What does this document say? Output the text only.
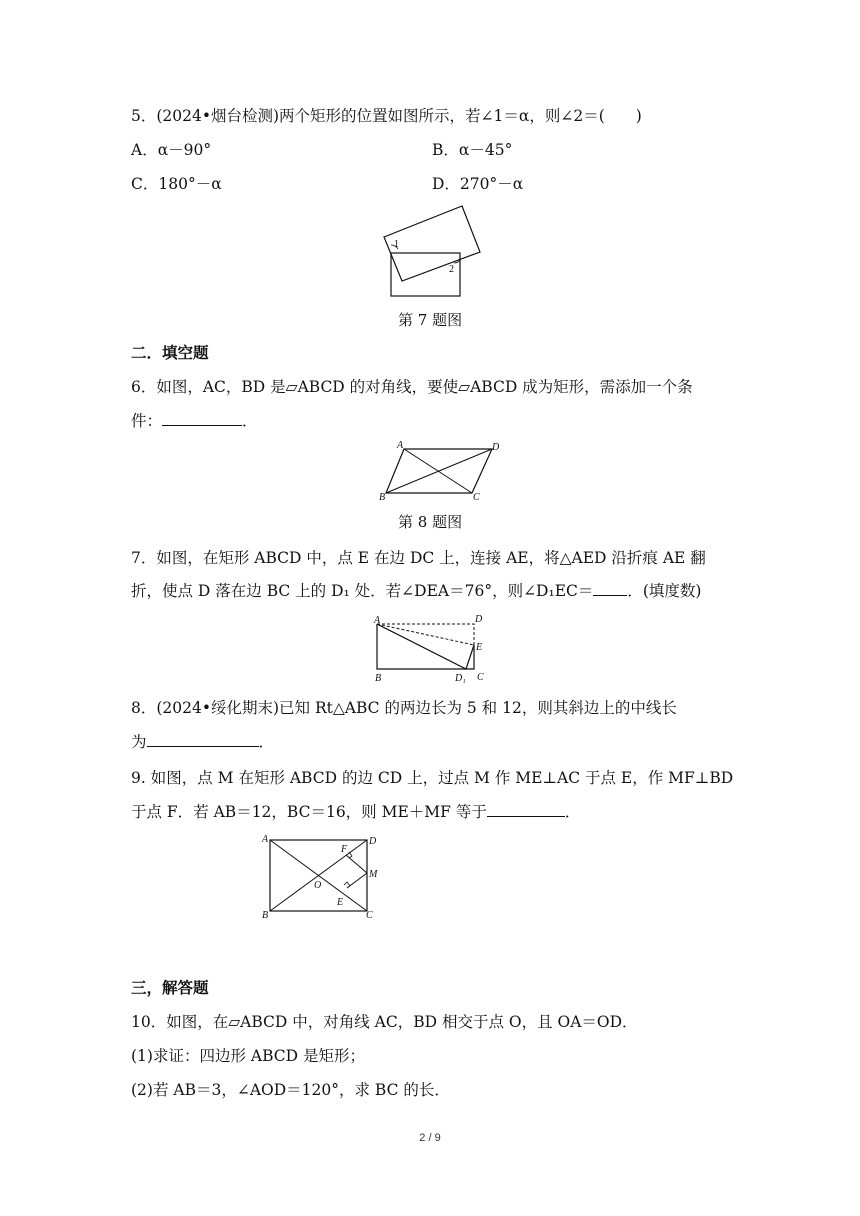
5．(2024•烟台检测)两个矩形的位置如图所示，若∠1＝α，则∠2＝(　　)
A．α－90°	B．α－45°
C．180°－α	D．270°－α
1
2
第 7 题图
二．填空题
6．如图，AC，BD 是▱ABCD 的对角线，要使▱ABCD 成为矩形，需添加一个条
件：	．
A	D
B	C
第 8 题图
7．如图，在矩形 ABCD 中，点 E 在边 DC 上，连接 AE，将△AED 沿折痕 AE 翻
折，使点 D 落在边 BC 上的 D₁ 处．若∠DEA＝76°，则∠D₁EC＝ ．(填度数)
A	D
E
B	D₁ C
8．(2024•绥化期末)已知 Rt△ABC 的两边长为 5 和 12，则其斜边上的中线长
为	．
9. 如图，点 M 在矩形 ABCD 的边 CD 上，过点 M 作 ME⊥AC 于点 E，作 MF⊥BD
于点 F．若 AB＝12，BC＝16，则 ME＋MF 等于	．
A	D
F
M
O
E
B	C
三，解答题
10．如图，在▱ABCD 中，对角线 AC，BD 相交于点 O，且 OA＝OD．
(1)求证：四边形 ABCD 是矩形；
(2)若 AB＝3，∠AOD＝120°，求 BC 的长．
2 / 9
